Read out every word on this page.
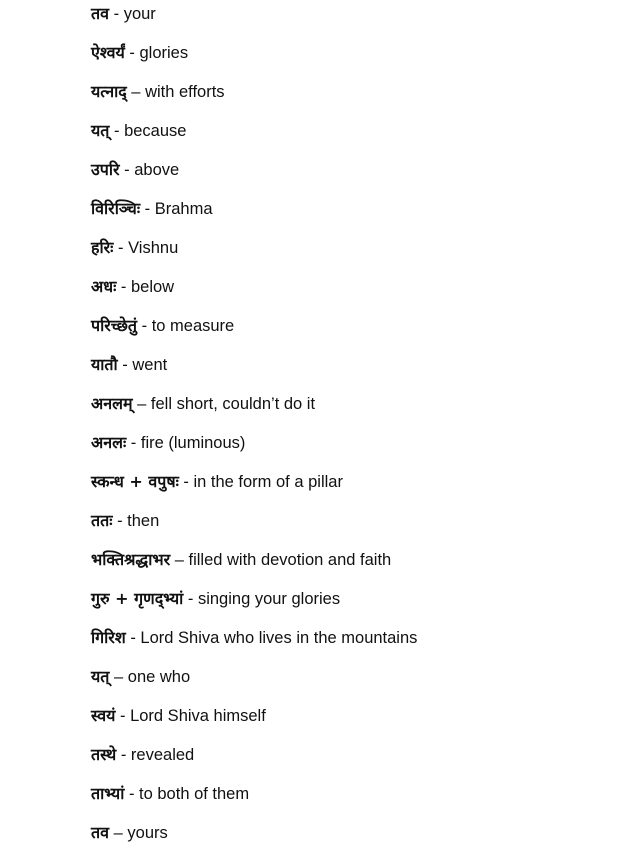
तव - your
ऐश्वर्यं - glories
यत्नाद् – with efforts
यत् - because
उपरि - above
विरिञ्चिः - Brahma
हरिः - Vishnu
अधः - below
परिच्छेतुं - to measure
यातौ - went
अनलम् – fell short, couldn’t do it
अनलः - fire (luminous)
स्कन्ध + वपुषः - in the form of a pillar
ततः - then
भक्तिश्रद्धाभर – filled with devotion and faith
गुरु + गृणद्भ्यां - singing your glories
गिरिश - Lord Shiva who lives in the mountains
यत् – one who
स्वयं - Lord Shiva himself
तस्थे - revealed
ताभ्यां - to both of them
तव – yours
